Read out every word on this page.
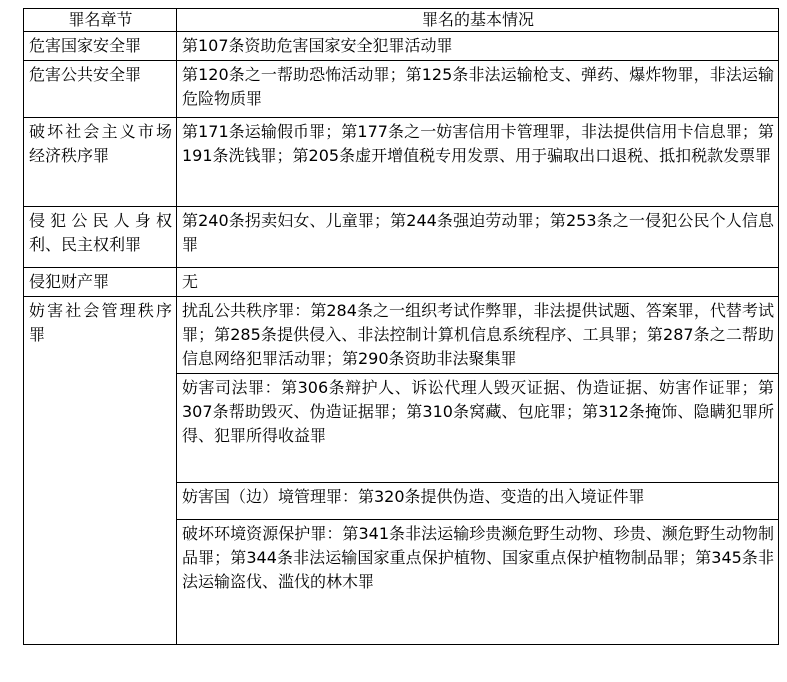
罪名章节	罪名的基本情况
危害国家安全罪	第107条资助危害国家安全犯罪活动罪
危害公共安全罪	第120条之一帮助恐怖活动罪；第125条非法运输枪支、弹药、爆炸物罪，非法运输危险物质罪
破坏社会主义市场经济秩序罪	第171条运输假币罪；第177条之一妨害信用卡管理罪，非法提供信用卡信息罪；第191条洗钱罪；第205条虚开增值税专用发票、用于骗取出口退税、抵扣税款发票罪
侵犯公民人身权利、民主权利罪	第240条拐卖妇女、儿童罪；第244条强迫劳动罪；第253条之一侵犯公民个人信息罪
侵犯财产罪	无
妨害社会管理秩序罪	扰乱公共秩序罪：第284条之一组织考试作弊罪，非法提供试题、答案罪，代替考试罪；第285条提供侵入、非法控制计算机信息系统程序、工具罪；第287条之二帮助信息网络犯罪活动罪；第290条资助非法聚集罪
	妨害司法罪：第306条辩护人、诉讼代理人毁灭证据、伪造证据、妨害作证罪；第307条帮助毁灭、伪造证据罪；第310条窝藏、包庇罪；第312条掩饰、隐瞒犯罪所得、犯罪所得收益罪
	妨害国（边）境管理罪：第320条提供伪造、变造的出入境证件罪
	破坏环境资源保护罪：第341条非法运输珍贵濒危野生动物、珍贵、濒危野生动物制品罪；第344条非法运输国家重点保护植物、国家重点保护植物制品罪；第345条非法运输盗伐、滥伐的林木罪
